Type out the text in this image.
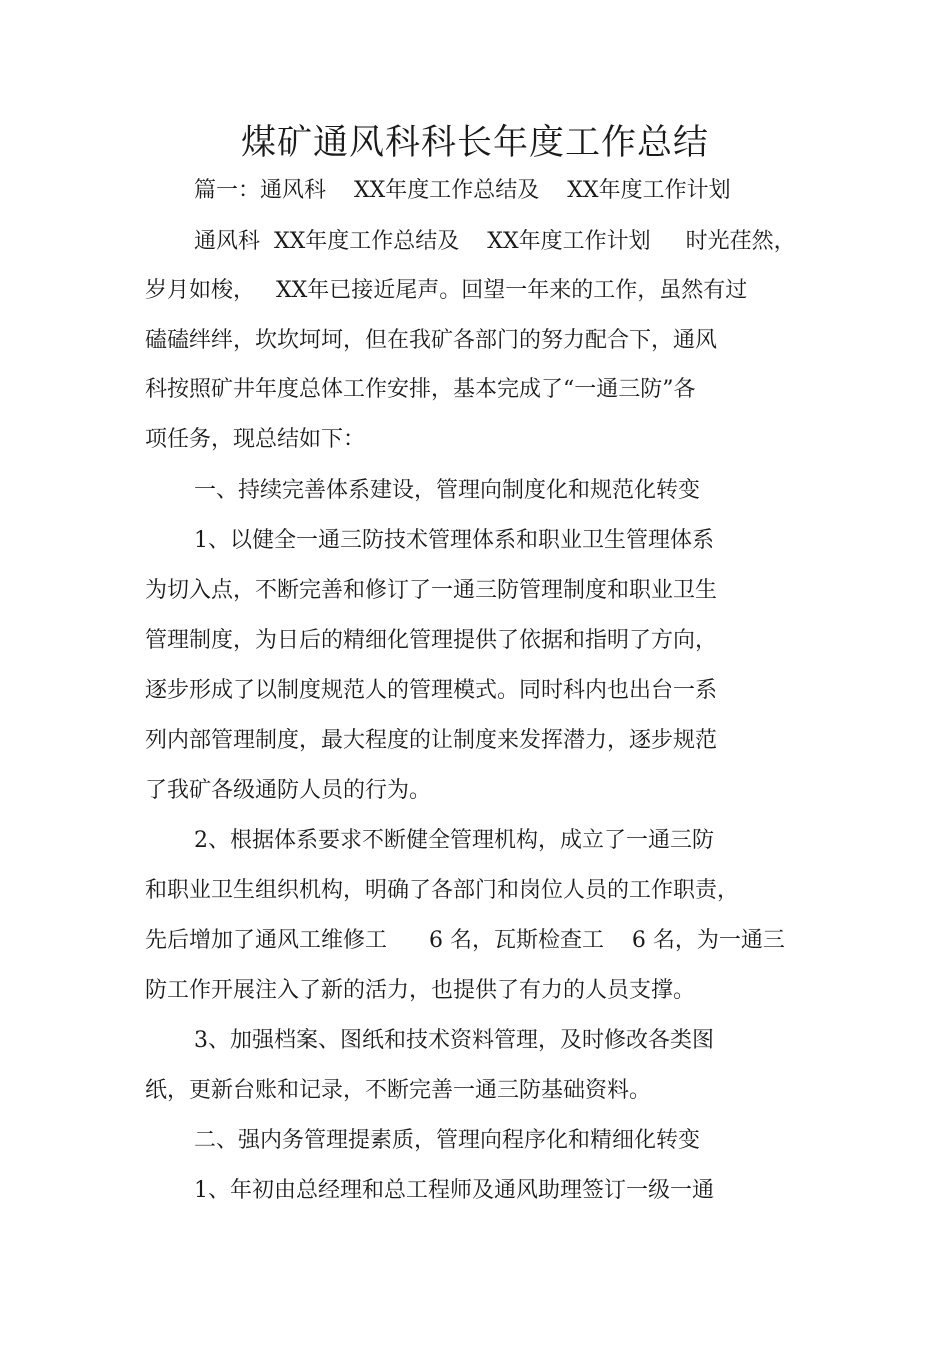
煤矿通风科科长年度工作总结
篇一：通风科    XX年度工作总结及    XX年度工作计划
通风科  XX年度工作总结及    XX年度工作计划     时光荏然，
岁月如梭，   XX年已接近尾声。回望一年来的工作，虽然有过
磕磕绊绊，坎坎坷坷，但在我矿各部门的努力配合下，通风
科按照矿井年度总体工作安排，基本完成了“一通三防”各
项任务，现总结如下：
一、持续完善体系建设，管理向制度化和规范化转变
1、以健全一通三防技术管理体系和职业卫生管理体系
为切入点，不断完善和修订了一通三防管理制度和职业卫生
管理制度，为日后的精细化管理提供了依据和指明了方向，
逐步形成了以制度规范人的管理模式。同时科内也出台一系
列内部管理制度，最大程度的让制度来发挥潜力，逐步规范
了我矿各级通防人员的行为。
2、根据体系要求不断健全管理机构，成立了一通三防
和职业卫生组织机构，明确了各部门和岗位人员的工作职责，
先后增加了通风工维修工      6 名，瓦斯检查工    6 名，为一通三
防工作开展注入了新的活力，也提供了有力的人员支撑。
3、加强档案、图纸和技术资料管理，及时修改各类图
纸，更新台账和记录，不断完善一通三防基础资料。
二、强内务管理提素质，管理向程序化和精细化转变
1、年初由总经理和总工程师及通风助理签订一级一通
